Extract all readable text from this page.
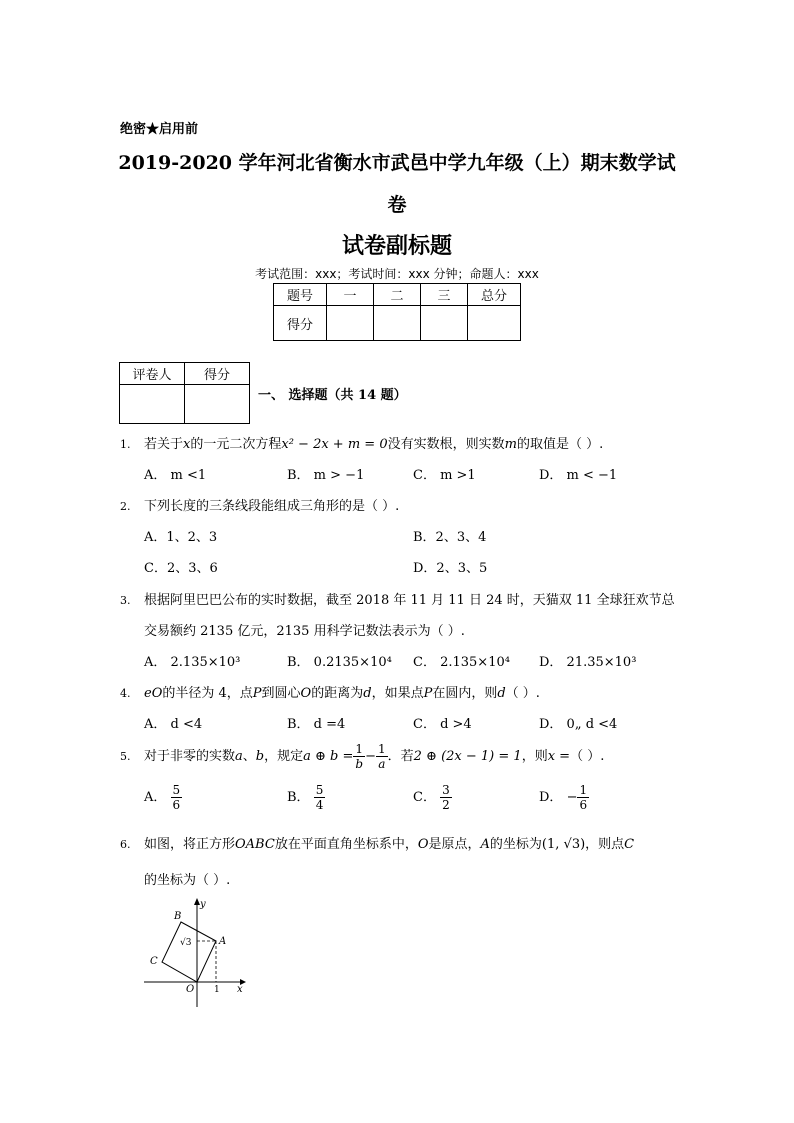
绝密★启用前
2019-2020 学年河北省衡水市武邑中学九年级（上）期末数学试
卷
试卷副标题
考试范围：xxx；考试时间：xxx 分钟；命题人：xxx
题号	一	二	三	总分
得分				
评卷人	得分

一、 选择题（共 14 题）
1. 若关于x的一元二次方程x² − 2x + m = 0没有实数根，则实数m的取值是（ ）.
A． m <1	B． m > −1	C． m >1	D． m < −1
2. 下列长度的三条线段能组成三角形的是（ ）.
A．1、2、3	B．2、3、4
C．2、3、6	D．2、3、5
3. 根据阿里巴巴公布的实时数据，截至 2018 年 11 月 11 日 24 时，天猫双 11 全球狂欢节总
交易额约 2135 亿元，2135 用科学记数法表示为（ ）.
A． 2.135×10³	B． 0.2135×10⁴ C． 2.135×10⁴ D． 21.35×10³
4. eO的半径为 4，点P到圆心O的距离为d，如果点P在圆内，则d（ ）.
A． d <4	B． d =4	C． d >4	D． 0„ d <4
5. 对于非零的实数a、b，规定a ⊕ $b = \frac{1}{b} - \frac{1}{a}$ ．若2 ⊕ (2x − 1) = 1，则x =（ ）.
A． $\frac{5}{6}$	B． $\frac{5}{4}$	C． $\frac{3}{2}$	D． − $\frac{1}{6}$
6. 如图，将正方形OABC放在平面直角坐标系中，O是原点，A的坐标为(1, √3)，则点C
的坐标为（ ）.
B
y
√3	A
C
O 1 x
